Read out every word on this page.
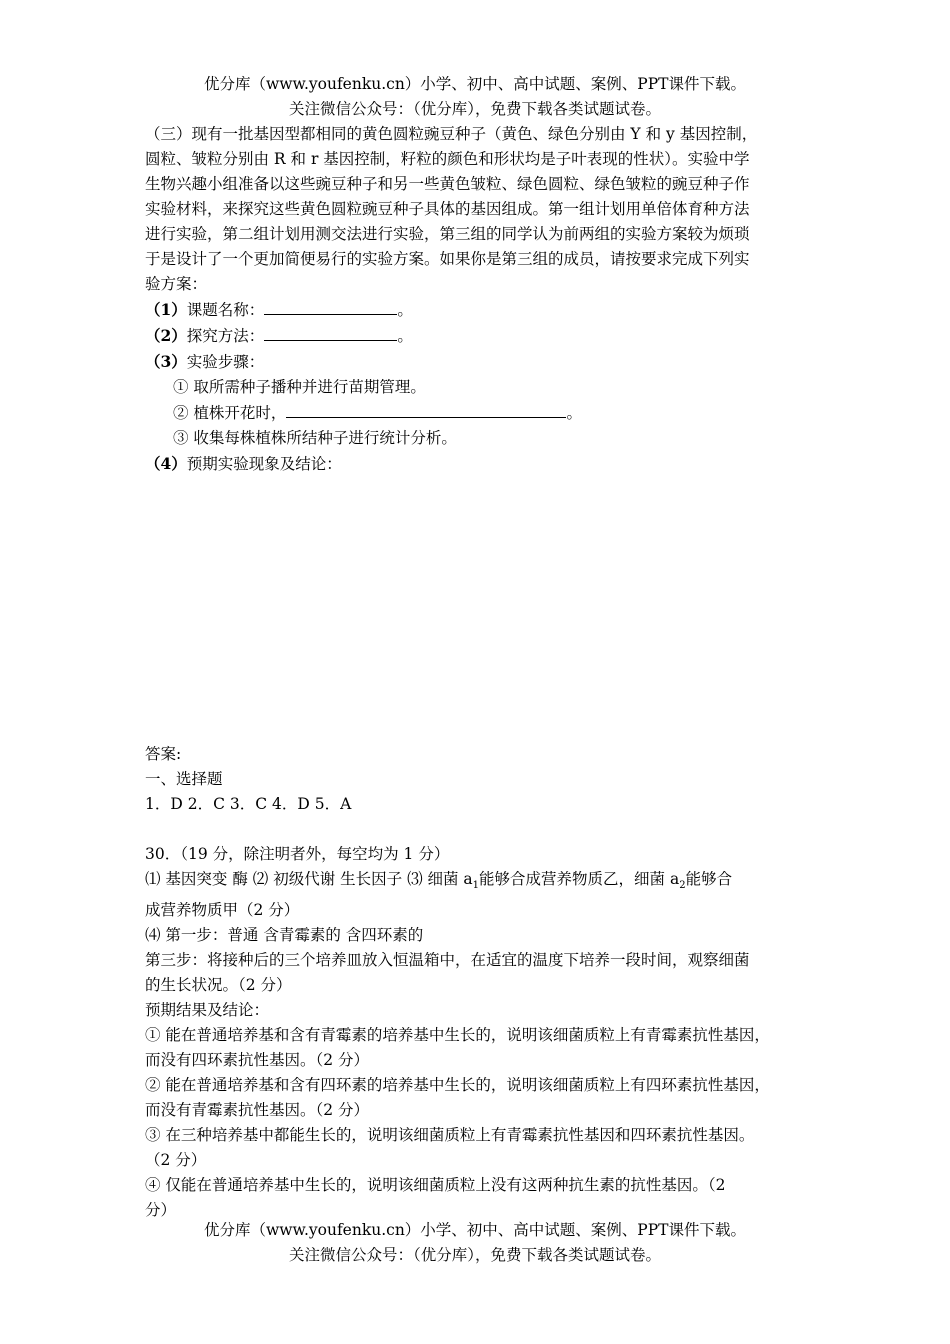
优分库（www.youfenku.cn）小学、初中、高中试题、案例、PPT课件下载。

关注微信公众号：（优分库），免费下载各类试题试卷。

（三）现有一批基因型都相同的黄色圆粒豌豆种子（黄色、绿色分别由 Y 和 y 基因控制，

圆粒、皱粒分别由 R 和 r 基因控制，籽粒的颜色和形状均是子叶表现的性状）。实验中学

生物兴趣小组准备以这些豌豆种子和另一些黄色皱粒、绿色圆粒、绿色皱粒的豌豆种子作

实验材料，来探究这些黄色圆粒豌豆种子具体的基因组成。第一组计划用单倍体育种方法

进行实验，第二组计划用测交法进行实验，第三组的同学认为前两组的实验方案较为烦琐

于是设计了一个更加简便易行的实验方案。如果你是第三组的成员，请按要求完成下列实

验方案：

（1）课题名称：	。

（2）探究方法：	。

（3）实验步骤：

① 取所需种子播种并进行苗期管理。

② 植株开花时，	。

③ 收集每株植株所结种子进行统计分析。

（4）预期实验现象及结论：

答案:

一、选择题

1．D 2．C 3．C 4．D 5．A

30．（19 分，除注明者外，每空均为 1 分）

⑴ 基因突变 酶 ⑵ 初级代谢 生长因子 ⑶ 细菌 $a_1$能够合成营养物质乙，细菌 $a_2$能够合

成营养物质甲（2 分）

⑷ 第一步：普通 含青霉素的 含四环素的

第三步：将接种后的三个培养皿放入恒温箱中，在适宜的温度下培养一段时间，观察细菌

的生长状况。（2 分）

预期结果及结论：

① 能在普通培养基和含有青霉素的培养基中生长的，说明该细菌质粒上有青霉素抗性基因，

而没有四环素抗性基因。（2 分）

② 能在普通培养基和含有四环素的培养基中生长的，说明该细菌质粒上有四环素抗性基因，

而没有青霉素抗性基因。（2 分）

③ 在三种培养基中都能生长的，说明该细菌质粒上有青霉素抗性基因和四环素抗性基因。

（2 分）

④ 仅能在普通培养基中生长的，说明该细菌质粒上没有这两种抗生素的抗性基因。（2

分）

优分库（www.youfenku.cn）小学、初中、高中试题、案例、PPT课件下载。

关注微信公众号：（优分库），免费下载各类试题试卷。
